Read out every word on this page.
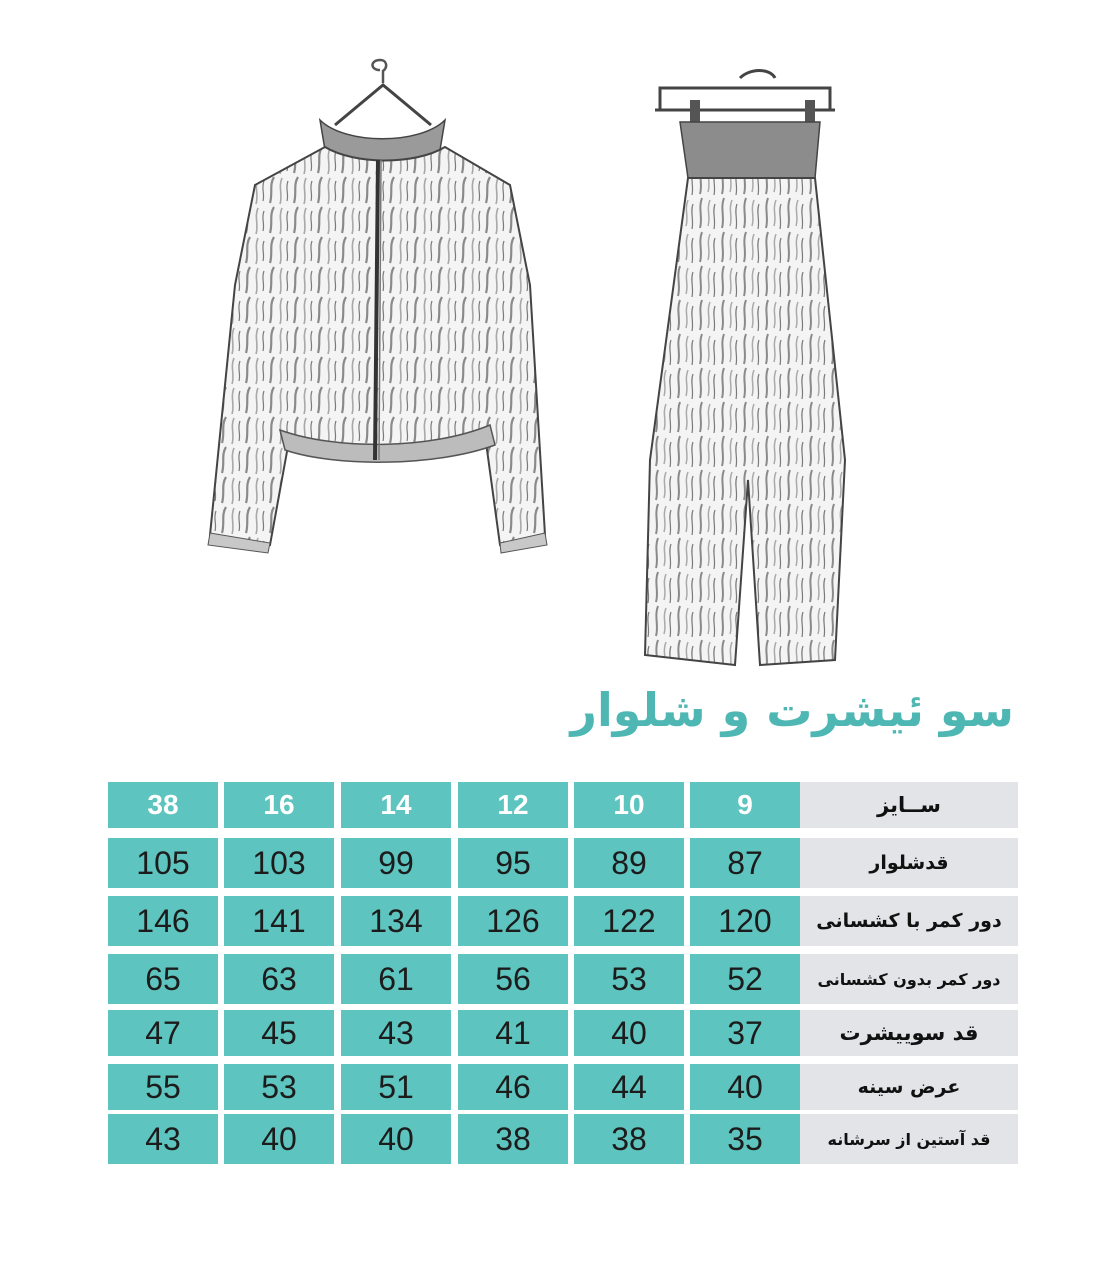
سو ئیشرت و شلوار
38	16	14	12	10	9	ســایز
105	103	99	95	89	87	قدشلوار
146	141	134	126	122	120	دور کمر با کشسانی
65	63	61	56	53	52	دور کمر بدون کشسانی
47	45	43	41	40	37	قد سوییشرت
55	53	51	46	44	40	عرض سینه
43	40	40	38	38	35	قد آستین از سرشانه
